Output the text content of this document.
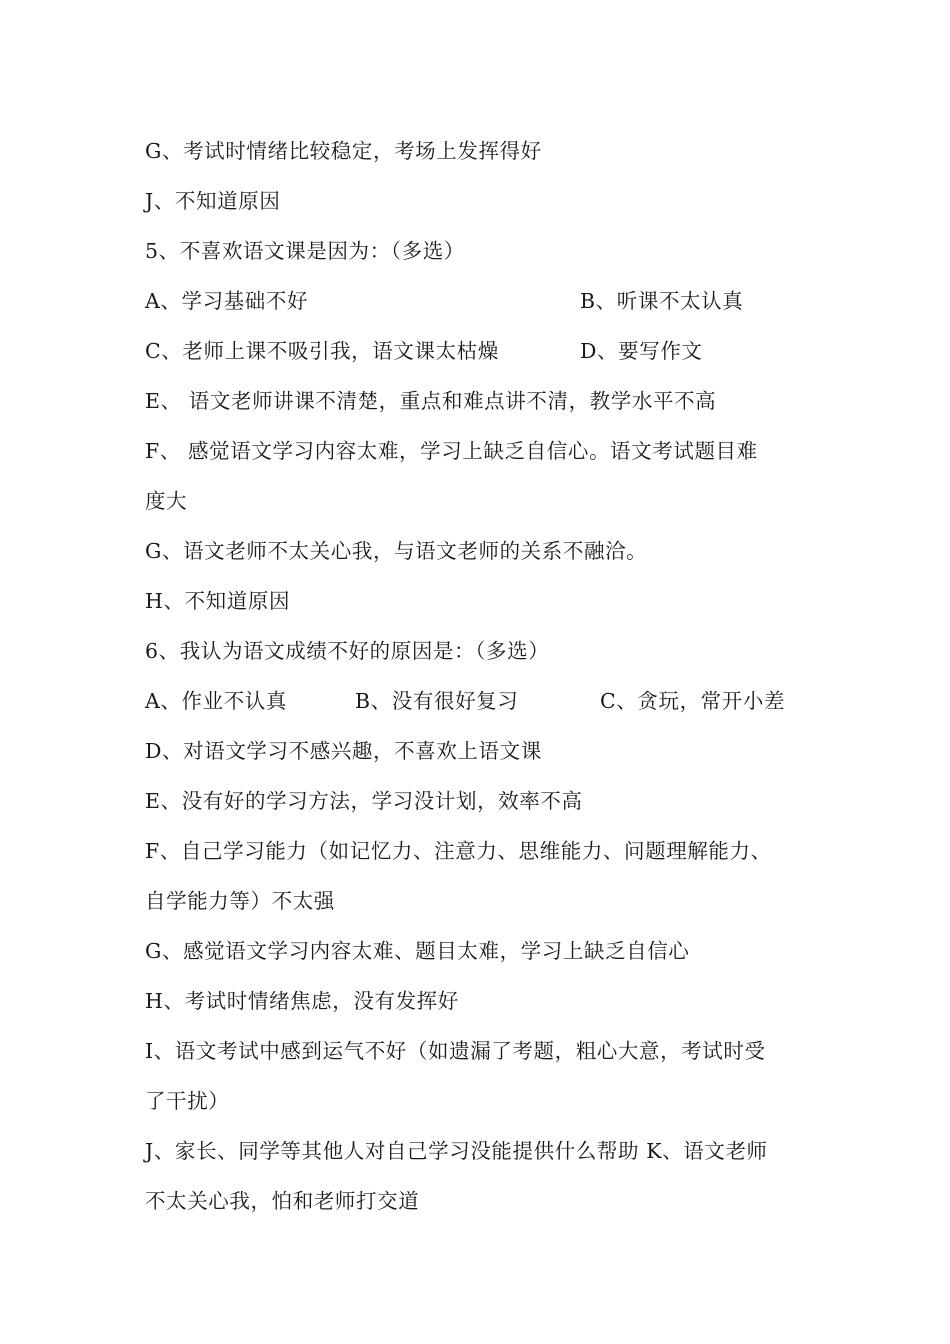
G、考试时情绪比较稳定，考场上发挥得好
J、不知道原因
5、不喜欢语文课是因为：（多选）
A、学习基础不好	B、听课不太认真
C、老师上课不吸引我，语文课太枯燥	D、要写作文
E、 语文老师讲课不清楚，重点和难点讲不清，教学水平不高
F、 感觉语文学习内容太难，学习上缺乏自信心。语文考试题目难
度大
G、语文老师不太关心我，与语文老师的关系不融洽。
H、不知道原因
6、我认为语文成绩不好的原因是：（多选）
A、作业不认真	B、没有很好复习	C、贪玩，常开小差
D、对语文学习不感兴趣，不喜欢上语文课
E、没有好的学习方法，学习没计划，效率不高
F、自己学习能力（如记忆力、注意力、思维能力、问题理解能力、
自学能力等）不太强
G、感觉语文学习内容太难、题目太难，学习上缺乏自信心
H、考试时情绪焦虑，没有发挥好
I、语文考试中感到运气不好（如遗漏了考题，粗心大意，考试时受
了干扰）
J、家长、同学等其他人对自己学习没能提供什么帮助 K、语文老师
不太关心我，怕和老师打交道
